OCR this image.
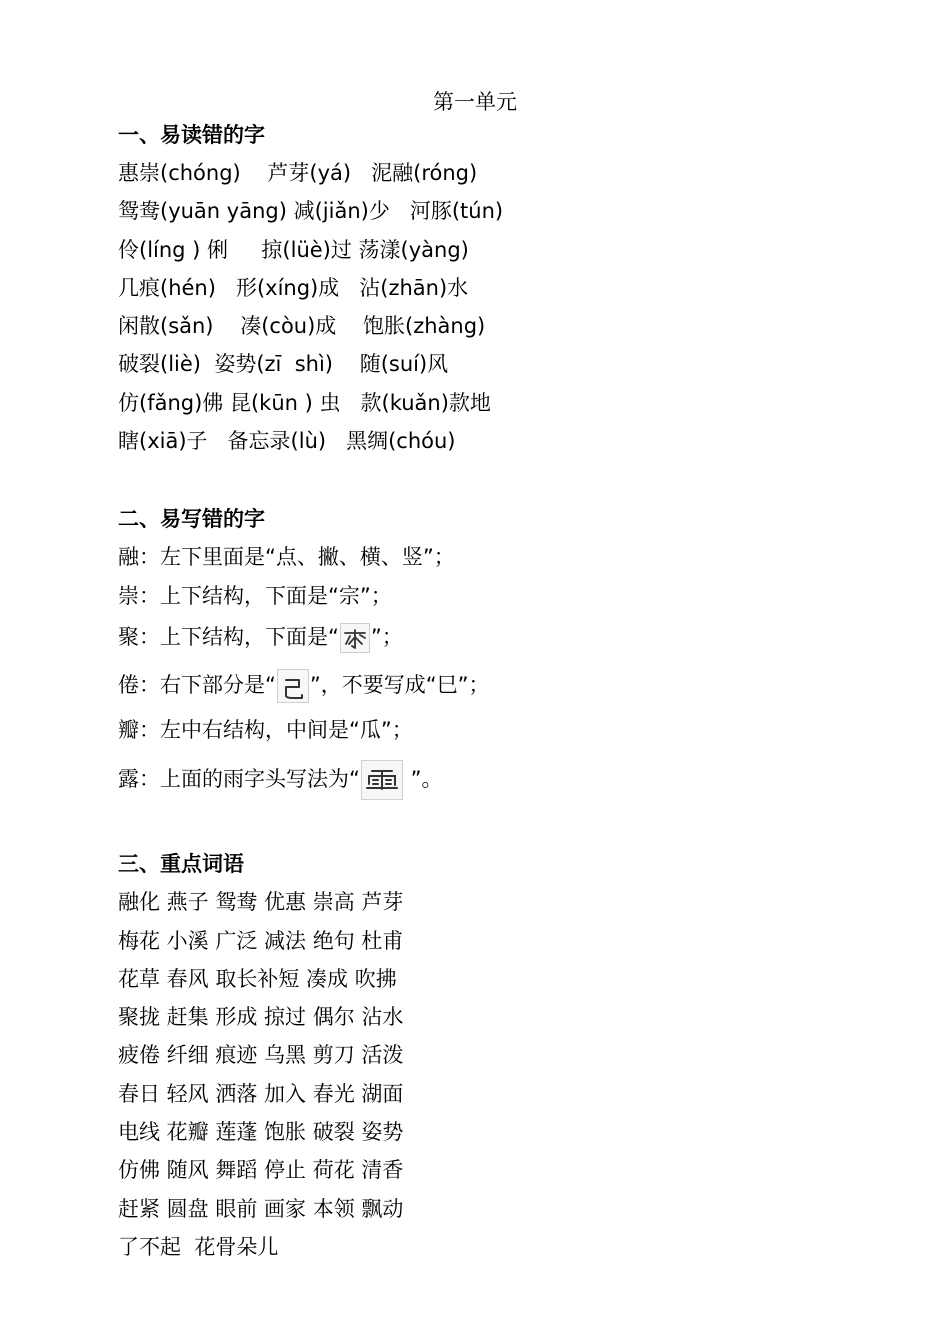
第一单元
一、易读错的字
惠崇(chóng)    芦芽(yá)   泥融(róng)
鸳鸯(yuān yāng) 减(jiǎn)少   河豚(tún)
伶(líng ) 俐     掠(lüè)过 荡漾(yàng)
几痕(hén)   形(xíng)成   沾(zhān)水
闲散(sǎn)    凑(còu)成    饱胀(zhàng)
破裂(liè)  姿势(zī  shì)    随(suí)风
仿(fǎng)佛 昆(kūn ) 虫   款(kuǎn)款地
瞎(xiā)子   备忘录(lù)   黑绸(chóu)
二、易写错的字
融：左下里面是“点、撇、横、竖”；
崇：上下结构，下面是“宗”；
聚：上下结构，下面是“ ”；
倦：右下部分是“ ”，不要写成“巳”；
瓣：左中右结构，中间是“瓜”；
露：上面的雨字头写法为“
”。
三、重点词语
融化 燕子 鸳鸯 优惠 崇高 芦芽
梅花 小溪 广泛 减法 绝句 杜甫
花草 春风 取长补短 凑成 吹拂
聚拢 赶集 形成 掠过 偶尔 沾水
疲倦 纤细 痕迹 乌黑 剪刀 活泼
春日 轻风 洒落 加入 春光 湖面
电线 花瓣 莲蓬 饱胀 破裂 姿势
仿佛 随风 舞蹈 停止 荷花 清香
赶紧 圆盘 眼前 画家 本领 飘动
了不起  花骨朵儿
